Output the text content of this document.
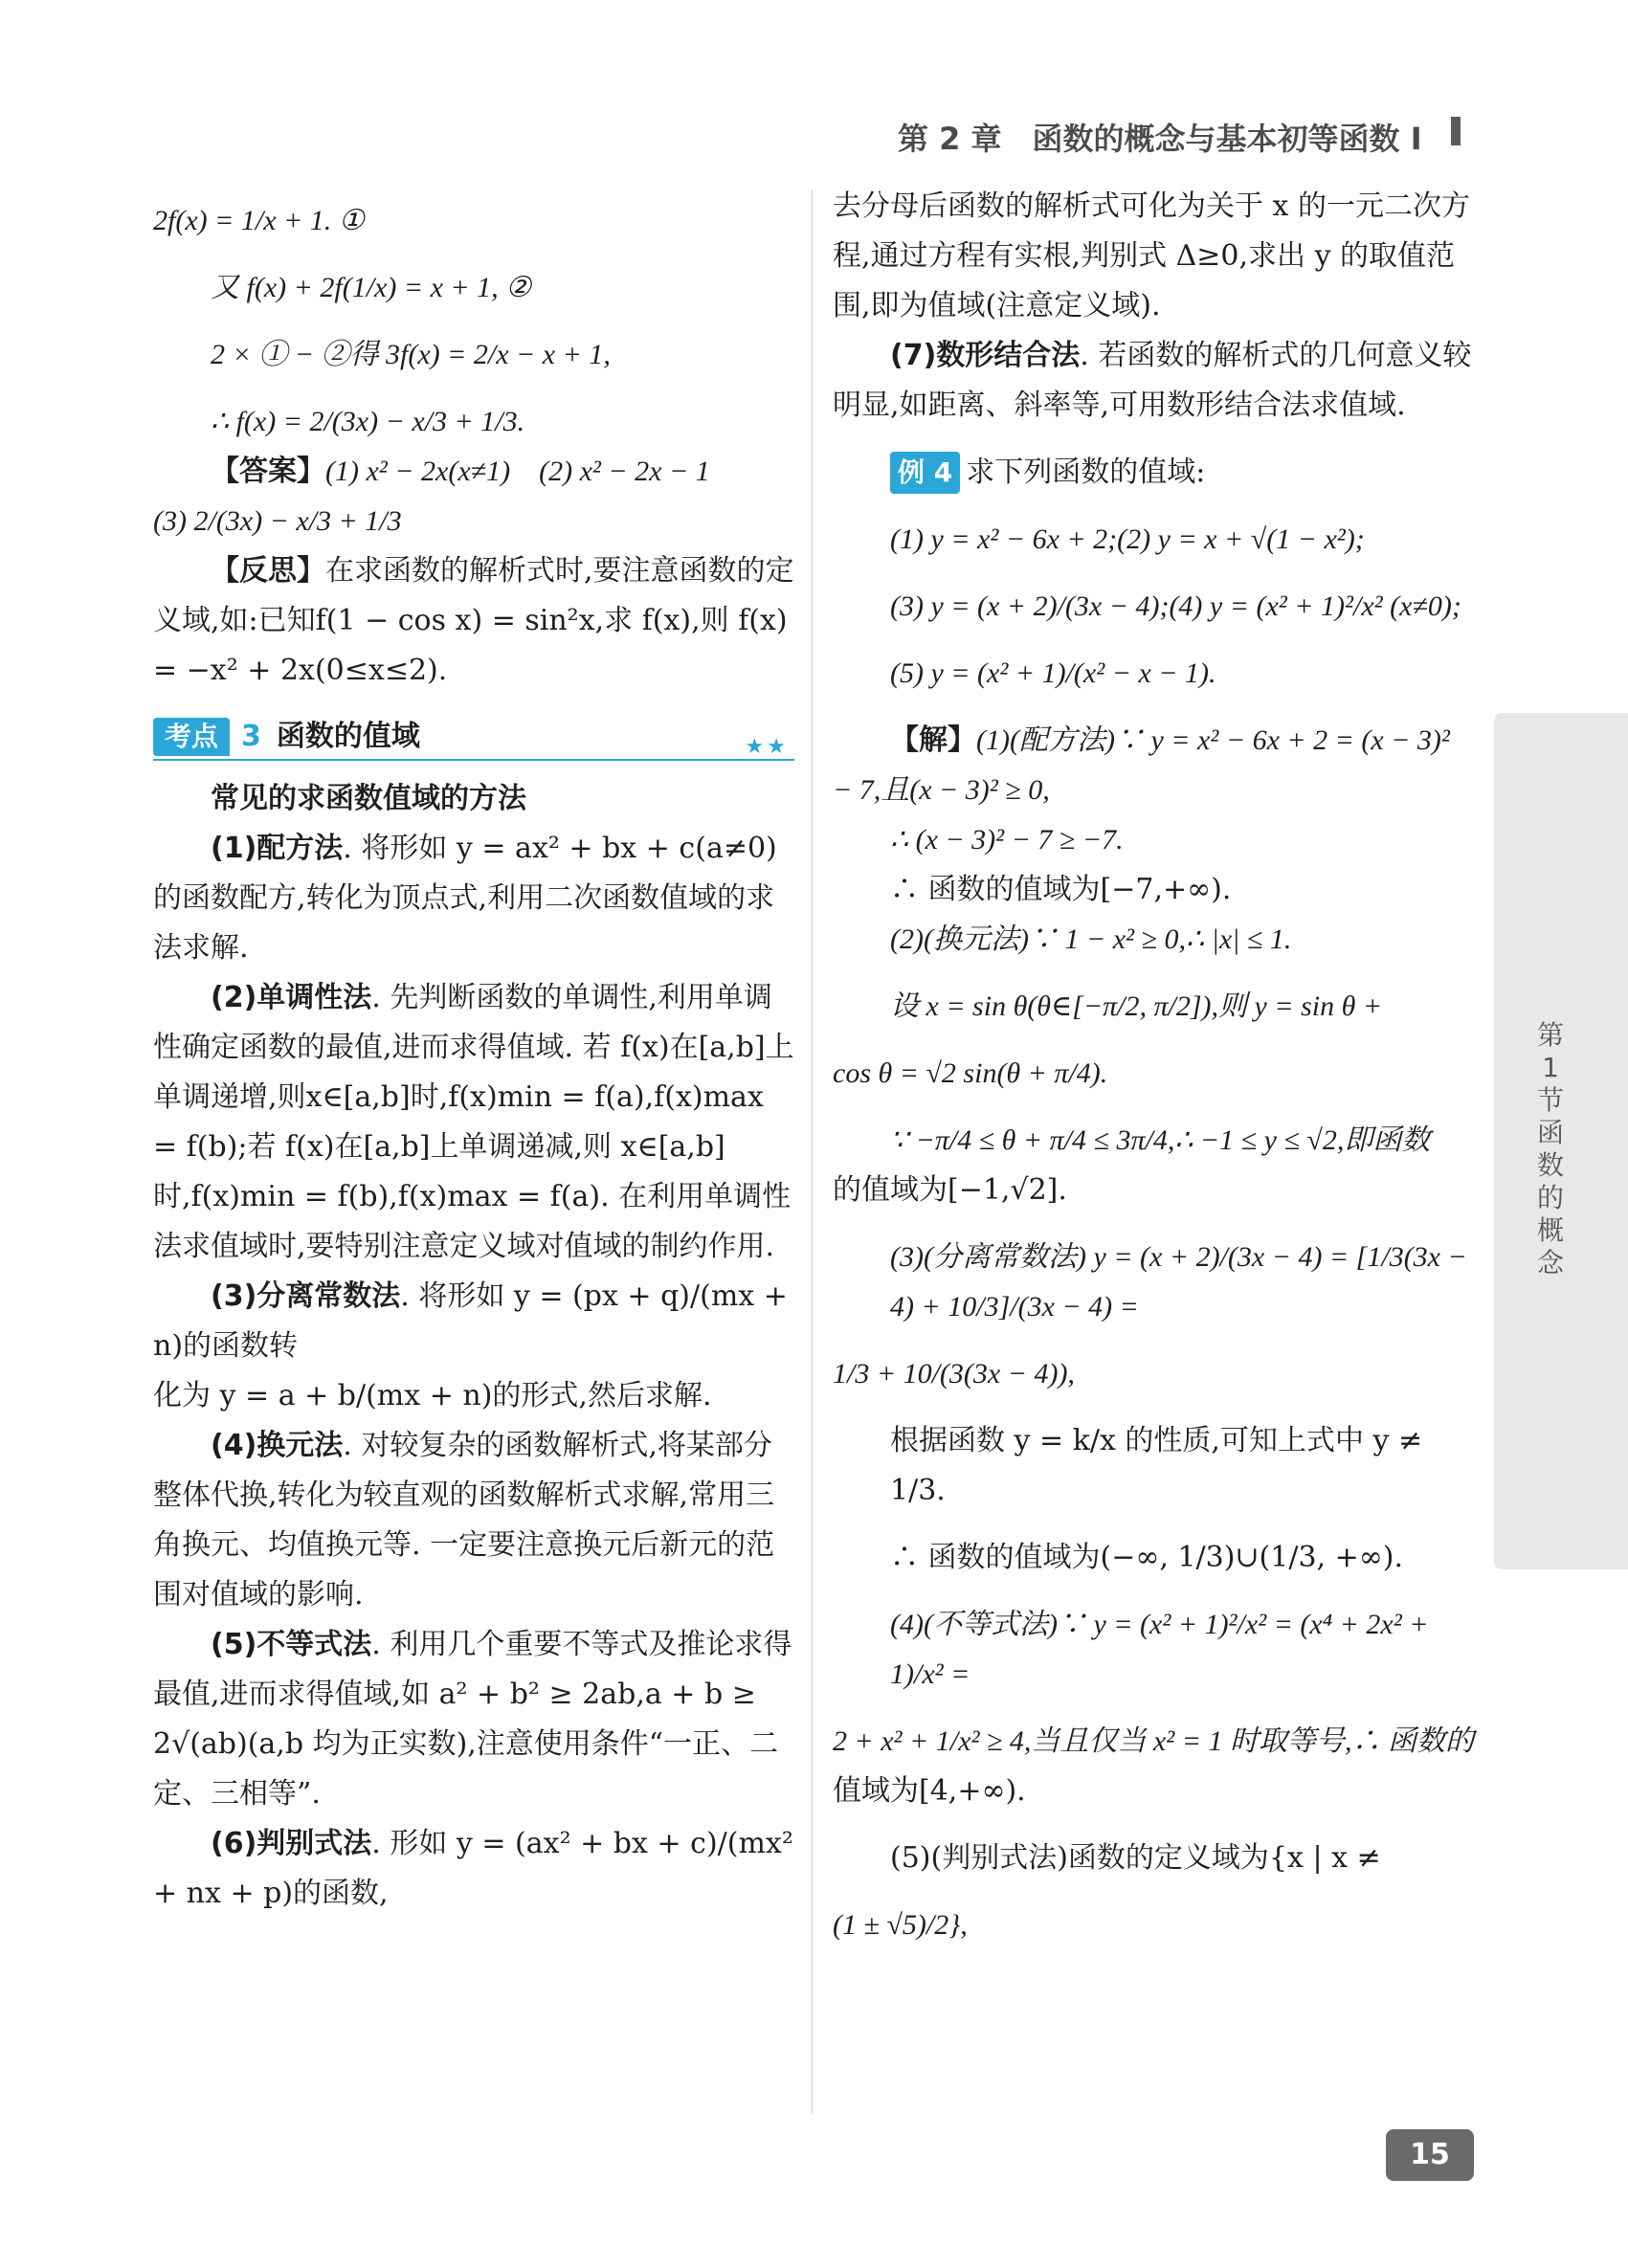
第 2 章　函数的概念与基本初等函数 I

2f(x) = 1/x + 1. ①

又 f(x) + 2f(1/x) = x + 1, ②

2 × ① − ②得 3f(x) = 2/x − x + 1,

∴ f(x) = 2/(3x) − x/3 + 1/3.

【答案】(1) x² − 2x(x≠1)　(2) x² − 2x − 1

(3) 2/(3x) − x/3 + 1/3

【反思】在求函数的解析式时,要注意函数的定义域,如:已知f(1 − cos x) = sin²x,求 f(x),则 f(x) = −x² + 2x(0≤x≤2).

考点 3 函数的值域	★★

常见的求函数值域的方法

(1)配方法. 将形如 y = ax² + bx + c(a≠0)的函数配方,转化为顶点式,利用二次函数值域的求法求解.

(2)单调性法. 先判断函数的单调性,利用单调性确定函数的最值,进而求得值域. 若 f(x)在[a,b]上单调递增,则x∈[a,b]时,f(x)min = f(a),f(x)max = f(b);若 f(x)在[a,b]上单调递减,则 x∈[a,b]时,f(x)min = f(b),f(x)max = f(a). 在利用单调性法求值域时,要特别注意定义域对值域的制约作用.

(3)分离常数法. 将形如 y = (px + q)/(mx + n)的函数转

化为 y = a + b/(mx + n)的形式,然后求解.

(4)换元法. 对较复杂的函数解析式,将某部分整体代换,转化为较直观的函数解析式求解,常用三角换元、均值换元等. 一定要注意换元后新元的范围对值域的影响.

(5)不等式法. 利用几个重要不等式及推论求得最值,进而求得值域,如 a² + b² ≥ 2ab,a + b ≥ 2√(ab)(a,b 均为正实数),注意使用条件“一正、二定、三相等”.

(6)判别式法. 形如 y = (ax² + bx + c)/(mx² + nx + p)的函数,

去分母后函数的解析式可化为关于 x 的一元二次方程,通过方程有实根,判别式 Δ≥0,求出 y 的取值范围,即为值域(注意定义域).

(7)数形结合法. 若函数的解析式的几何意义较明显,如距离、斜率等,可用数形结合法求值域.

例 4 求下列函数的值域:

(1) y = x² − 6x + 2;(2) y = x + √(1 − x²);

(3) y = (x + 2)/(3x − 4);(4) y = (x² + 1)²/x² (x≠0);

(5) y = (x² + 1)/(x² − x − 1).

【解】(1)(配方法)∵ y = x² − 6x + 2 = (x − 3)² − 7,且(x − 3)² ≥ 0,

∴ (x − 3)² − 7 ≥ −7.

∴ 函数的值域为[−7,+∞).

(2)(换元法)∵ 1 − x² ≥ 0,∴ |x| ≤ 1.

设 x = sin θ(θ∈[−π/2, π/2]),则 y = sin θ +

cos θ = √2 sin(θ + π/4).

∵ −π/4 ≤ θ + π/4 ≤ 3π/4,∴ −1 ≤ y ≤ √2,即函数

的值域为[−1,√2].

(3)(分离常数法) y = (x + 2)/(3x − 4) = [1/3(3x − 4) + 10/3]/(3x − 4) =

1/3 + 10/(3(3x − 4)),

根据函数 y = k/x 的性质,可知上式中 y ≠ 1/3.

∴ 函数的值域为(−∞, 1/3)∪(1/3, +∞).

(4)(不等式法)∵ y = (x² + 1)²/x² = (x⁴ + 2x² + 1)/x² =

2 + x² + 1/x² ≥ 4,当且仅当 x² = 1 时取等号,∴ 函数的

值域为[4,+∞).

(5)(判别式法)函数的定义域为{x | x ≠

(1 ± √5)/2},

第1节 函数的概念
15
